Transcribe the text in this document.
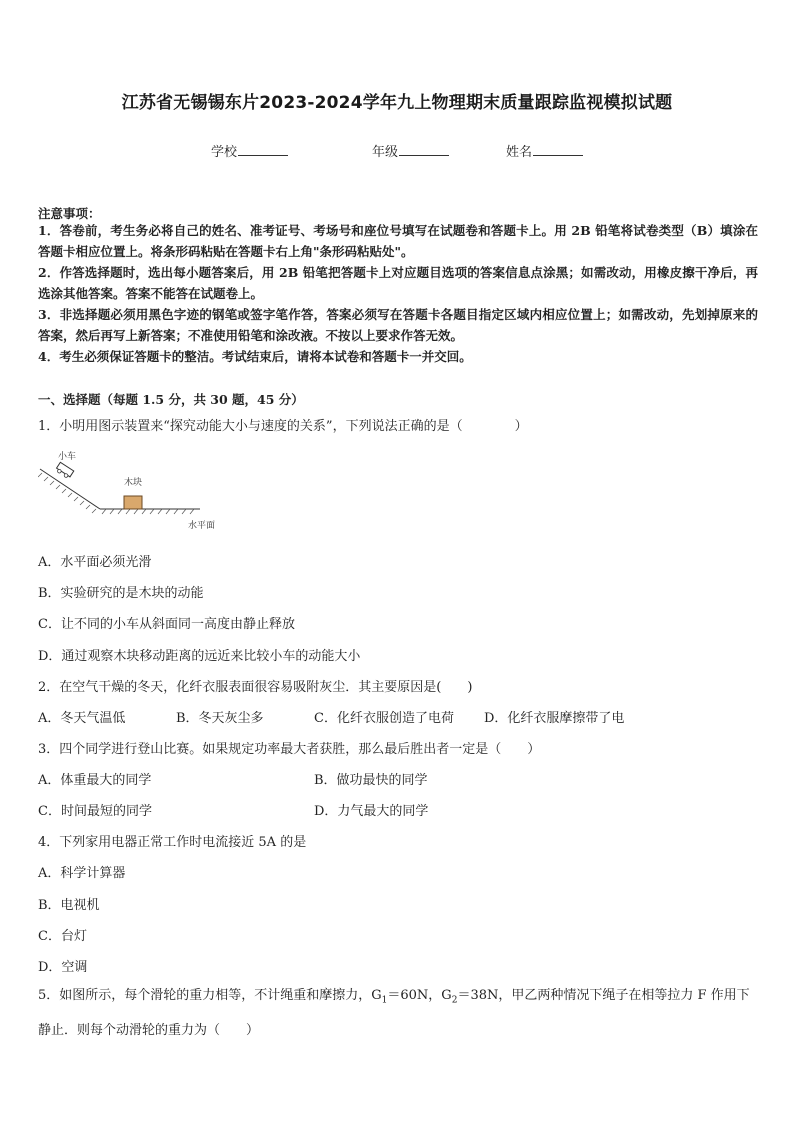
江苏省无锡锡东片2023-2024学年九上物理期末质量跟踪监视模拟试题
学校	年级	姓名
注意事项：
1．答卷前，考生务必将自己的姓名、准考证号、考场号和座位号填写在试题卷和答题卡上。用 2B 铅笔将试卷类型（B）填涂在答题卡相应位置上。将条形码粘贴在答题卡右上角"条形码粘贴处"。
2．作答选择题时，选出每小题答案后，用 2B 铅笔把答题卡上对应题目选项的答案信息点涂黑；如需改动，用橡皮擦干净后，再选涂其他答案。答案不能答在试题卷上。
3．非选择题必须用黑色字迹的钢笔或签字笔作答，答案必须写在答题卡各题目指定区域内相应位置上；如需改动，先划掉原来的答案，然后再写上新答案；不准使用铅笔和涂改液。不按以上要求作答无效。
4．考生必须保证答题卡的整洁。考试结束后，请将本试卷和答题卡一并交回。
一、选择题（每题 1.5 分，共 30 题，45 分）
1．小明用图示装置来“探究动能大小与速度的关系”，下列说法正确的是（　　　　）
小车
木块
水平面
A．水平面必须光滑
B．实验研究的是木块的动能
C．让不同的小车从斜面同一高度由静止释放
D．通过观察木块移动距离的远近来比较小车的动能大小
2．在空气干燥的冬天，化纤衣服表面很容易吸附灰尘．其主要原因是(　　)
A．冬天气温低	B．冬天灰尘多	C．化纤衣服创造了电荷 D．化纤衣服摩擦带了电
3．四个同学进行登山比赛。如果规定功率最大者获胜，那么最后胜出者一定是（　　）
A．体重最大的同学	B．做功最快的同学
C．时间最短的同学	D．力气最大的同学
4．下列家用电器正常工作时电流接近 5A 的是
A．科学计算器
B．电视机
C．台灯
D．空调
5．如图所示，每个滑轮的重力相等，不计绳重和摩擦力，$G_1=60N$，$G_2=38N$，甲乙两种情况下绳子在相等拉力 F 作用下静止．则每个动滑轮的重力为（　　）
